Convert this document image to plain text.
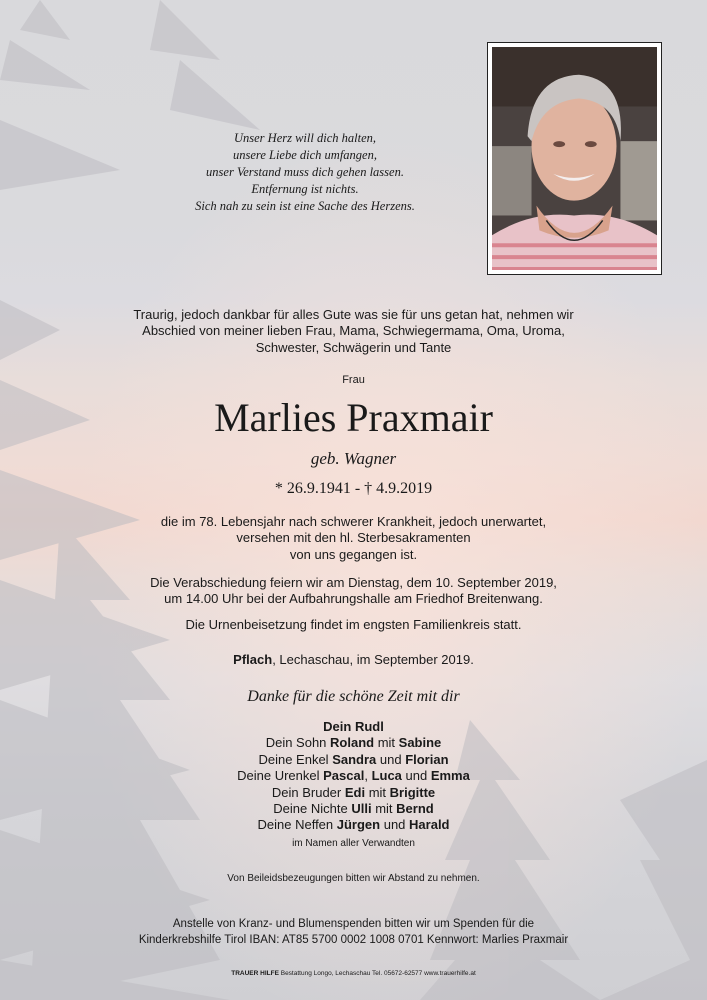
Unser Herz will dich halten,
unsere Liebe dich umfangen,
unser Verstand muss dich gehen lassen.
Entfernung ist nichts.
Sich nah zu sein ist eine Sache des Herzens.
Traurig, jedoch dankbar für alles Gute was sie für uns getan hat, nehmen wir
Abschied von meiner lieben Frau, Mama, Schwiegermama, Oma, Uroma,
Schwester, Schwägerin und Tante
Frau
Marlies Praxmair
geb. Wagner
* 26.9.1941 - † 4.9.2019
die im 78. Lebensjahr nach schwerer Krankheit, jedoch unerwartet,
versehen mit den hl. Sterbesakramenten
von uns gegangen ist.
Die Verabschiedung feiern wir am Dienstag, dem 10. September 2019,
um 14.00 Uhr bei der Aufbahrungshalle am Friedhof Breitenwang.
Die Urnenbeisetzung findet im engsten Familienkreis statt.
Pflach, Lechaschau, im September 2019.
Danke für die schöne Zeit mit dir
Dein Rudl
Dein Sohn Roland mit Sabine
Deine Enkel Sandra und Florian
Deine Urenkel Pascal, Luca und Emma
Dein Bruder Edi mit Brigitte
Deine Nichte Ulli mit Bernd
Deine Neffen Jürgen und Harald
im Namen aller Verwandten
Von Beileidsbezeugungen bitten wir Abstand zu nehmen.
Anstelle von Kranz- und Blumenspenden bitten wir um Spenden für die
Kinderkrebshilfe Tirol IBAN: AT85 5700 0002 1008 0701 Kennwort: Marlies Praxmair
TRAUER HILFE Bestattung Longo, Lechaschau Tel. 05672-62577 www.trauerhilfe.at
